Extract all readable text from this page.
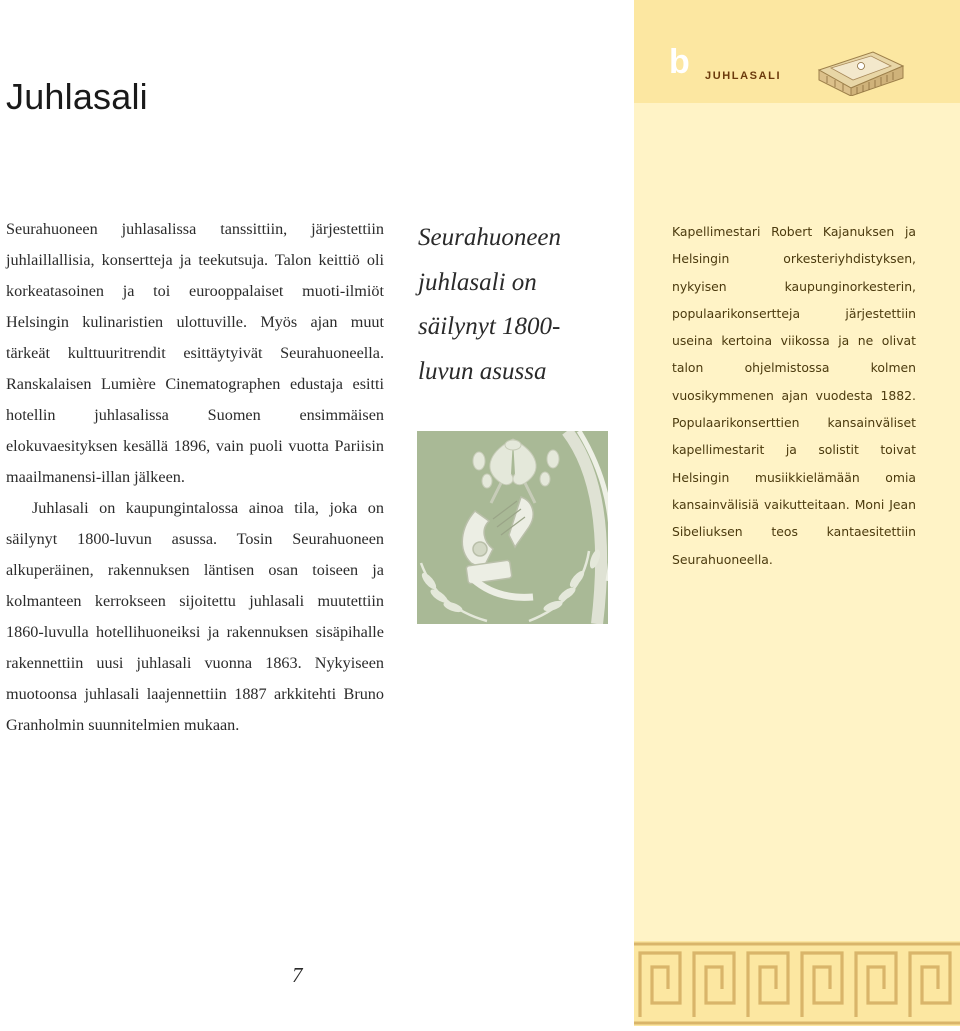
Juhlasali

Seurahuoneen juhlasalissa tanssittiin, järjestettiin juhlaillallisia, konsertteja ja teekutsuja. Talon keittiö oli korkeatasoinen ja toi eurooppalaiset muoti-ilmiöt Helsingin kulinaristien ulottuville. Myös ajan muut tärkeät kulttuuritrendit esittäytyivät Seurahuoneella. Ranskalaisen Lumière Cinematographen edustaja esitti hotellin juhlasalissa Suomen ensimmäisen elokuvaesityksen kesällä 1896, vain puoli vuotta Pariisin maailmanensi-illan jälkeen.

Juhlasali on kaupungintalossa ainoa tila, joka on säilynyt 1800-luvun asussa. Tosin Seurahuoneen alkuperäinen, rakennuksen läntisen osan toiseen ja kolmanteen kerrokseen sijoitettu juhlasali muutettiin 1860-luvulla hotellihuoneiksi ja rakennuksen sisäpihalle rakennettiin uusi juhlasali vuonna 1863. Nykyiseen muotoonsa juhlasali laajennettiin 1887 arkkitehti Bruno Granholmin suunnitelmien mukaan.

Seurahuoneen
juhlasali on
säilynyt 1800-
luvun asussa
b JUHLASALI
Kapellimestari Robert Kajanuksen ja Helsingin orkesteriyhdistyksen, nykyisen kaupunginorkesterin, populaarikonsertteja järjestettiin useina kertoina viikossa ja ne olivat talon ohjelmistossa kolmen vuosikymmenen ajan vuodesta 1882. Populaarikonserttien kansainväliset kapellimestarit ja solistit toivat Helsingin musiikkielämään omia kansainvälisiä vaikutteitaan. Moni Jean Sibeliuksen teos kantaesitettiin Seurahuoneella.
7
